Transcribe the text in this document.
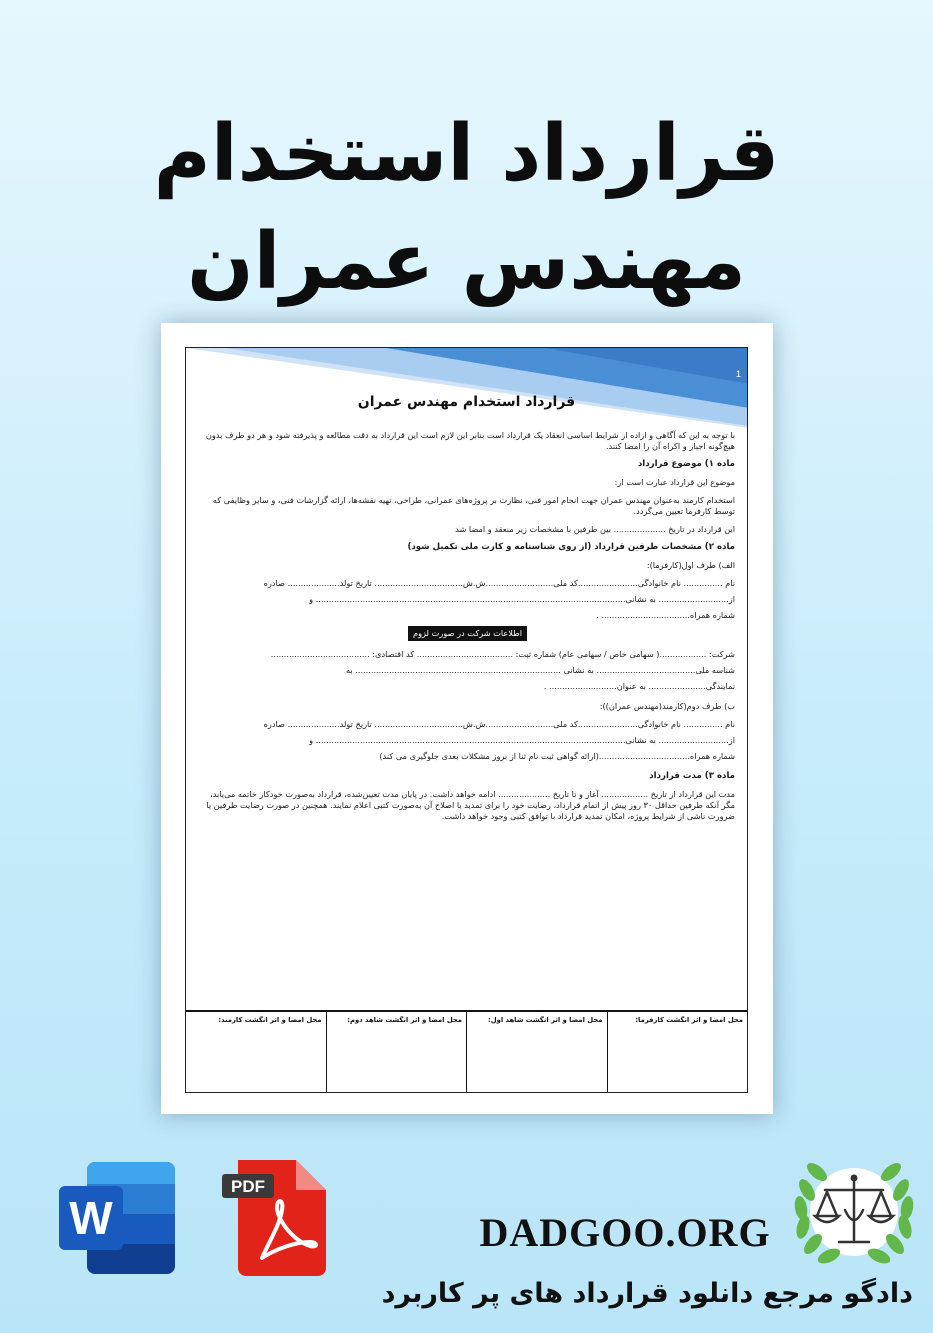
قرارداد استخدام مهندس عمران
1
قرارداد استخدام مهندس عمران

با توجه به این که آگاهی و اراده از شرایط اساسی انعقاد یک قرارداد است بنابر این لازم است این قرارداد به دقت مطالعه و پذیرفته شود و هر دو طرف بدون هیچ‌گونه اجبار و اکراه آن را امضا کنند.

ماده ۱) موضوع قرارداد

موضوع این قرارداد عبارت است از:

استخدام کارمند به‌عنوان مهندس عمران جهت انجام امور فنی، نظارت بر پروژه‌های عمرانی، طراحی، تهیه نقشه‌ها، ارائه گزارشات فنی، و سایر وظایفی که توسط کارفرما تعیین می‌گردد.

این قرارداد در تاریخ .................... بین طرفین با مشخصات زیر منعقد و امضا شد

ماده ۲) مشخصات طرفین قرارداد (از روی شناسنامه و کارت ملی تکمیل شود)

الف) طرف اول(کارفرما):

نام ............... نام خانوادگی.......................کد ملی..........................ش.ش.................................. تاریخ تولد.................... صادره
از........................... به نشانی....................................................................................................................... و
شماره همراه.................................. .
اطلاعات شرکت در صورت لزوم
شرکت: ..................( سهامی خاص / سهامی عام) شماره ثبت: ..................................... کد اقتصادی: ......................................
شناسه ملی...................................... به نشانی ............................................................................... به
نمایندگی...................... به عنوان.......................... .

ب) طرف دوم(کارمند(مهندس عمران)):

نام ............... نام خانوادگی.......................کد ملی..........................ش.ش.................................. تاریخ تولد.................... صادره
از........................... به نشانی....................................................................................................................... و
شماره همراه...................................(ارائه گواهی ثبت نام ثنا از بروز مشکلات بعدی جلوگیری می کند)
ماده ۳) مدت قرارداد

مدت این قرارداد از تاریخ .................. آغاز و تا تاریخ .................... ادامه خواهد داشت. در پایان مدت تعیین‌شده، قرارداد به‌صورت خودکار خاتمه می‌یابد، مگر آنکه طرفین حداقل ۳۰ روز پیش از اتمام قرارداد، رضایت خود را برای تمدید یا اصلاح آن به‌صورت کتبی اعلام نمایند. همچنین در صورت رضایت طرفین یا ضرورت ناشی از شرایط پروژه، امکان تمدید قرارداد با توافق کتبی وجود خواهد داشت.

محل امضا و اثر انگشت کارفرما:
محل امضا و اثر انگشت شاهد اول:
محل امضا و اثر انگشت شاهد دوم:
محل امضا و اثر انگشت کارمند:
W
PDF
DADGOO.ORG
دادگو مرجع دانلود قرارداد های پر کاربرد
